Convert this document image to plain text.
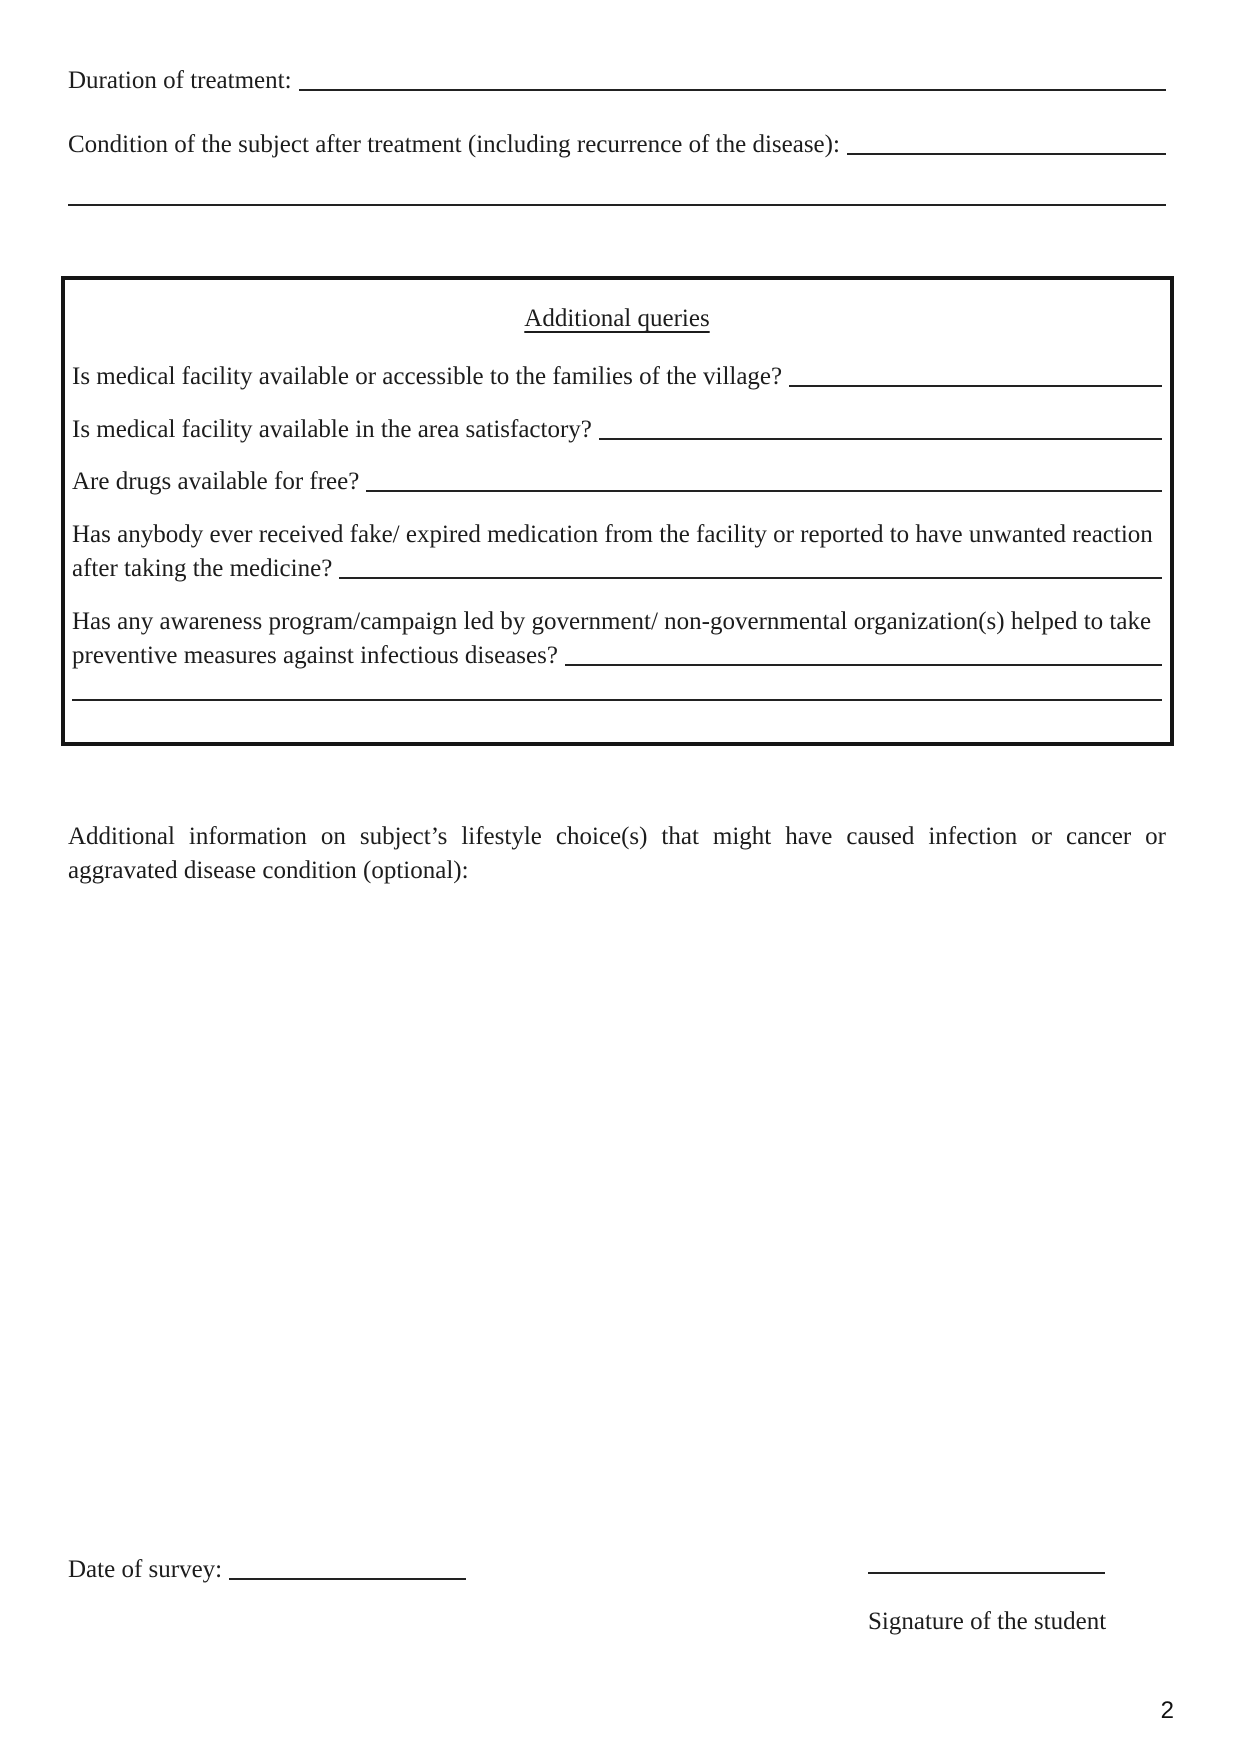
Duration of treatment:
Condition of the subject after treatment (including recurrence of the disease):
Additional queries
Is medical facility available or accessible to the families of the village?
Is medical facility available in the area satisfactory?
Are drugs available for free?
Has anybody ever received fake/ expired medication from the facility or reported to have unwanted reaction
after taking the medicine?
Has any awareness program/campaign led by government/ non-governmental organization(s) helped to take
preventive measures against infectious diseases?
Additional information on subject’s lifestyle choice(s) that might have caused infection or cancer or
aggravated disease condition (optional):
Date of survey:
Signature of the student
2
